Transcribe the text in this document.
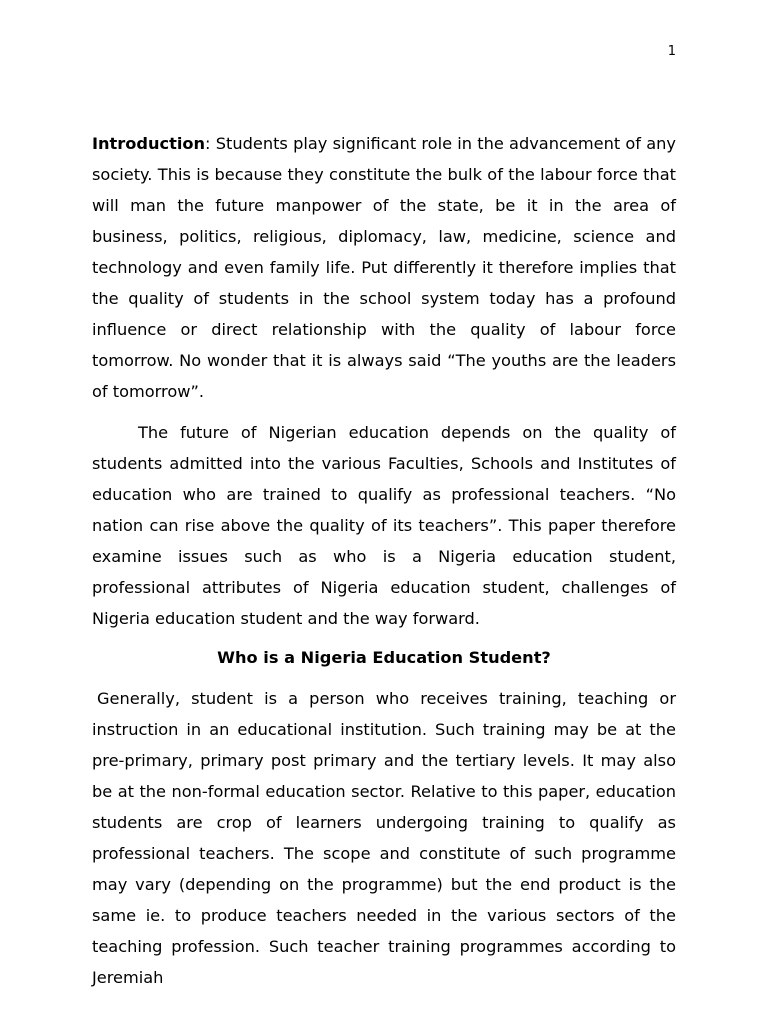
1

Introduction: Students play significant role in the advancement of any society. This is because they constitute the bulk of the labour force that will man the future manpower of the state, be it in the area of business, politics, religious, diplomacy, law, medicine, science and technology and even family life. Put differently it therefore implies that the quality of students in the school system today has a profound influence or direct relationship with the quality of labour force tomorrow. No wonder that it is always said “The youths are the leaders of tomorrow”.

The future of Nigerian education depends on the quality of students admitted into the various Faculties, Schools and Institutes of education who are trained to qualify as professional teachers. “No nation can rise above the quality of its teachers”. This paper therefore examine issues such as who is a Nigeria education student, professional attributes of Nigeria education student, challenges of Nigeria education student and the way forward.

Who is a Nigeria Education Student?

Generally, student is a person who receives training, teaching or instruction in an educational institution. Such training may be at the pre-primary, primary post primary and the tertiary levels. It may also be at the non-formal education sector. Relative to this paper, education students are crop of learners undergoing training to qualify as professional teachers. The scope and constitute of such programme may vary (depending on the programme) but the end product is the same ie. to produce teachers needed in the various sectors of the teaching profession. Such teacher training programmes according to Jeremiah
